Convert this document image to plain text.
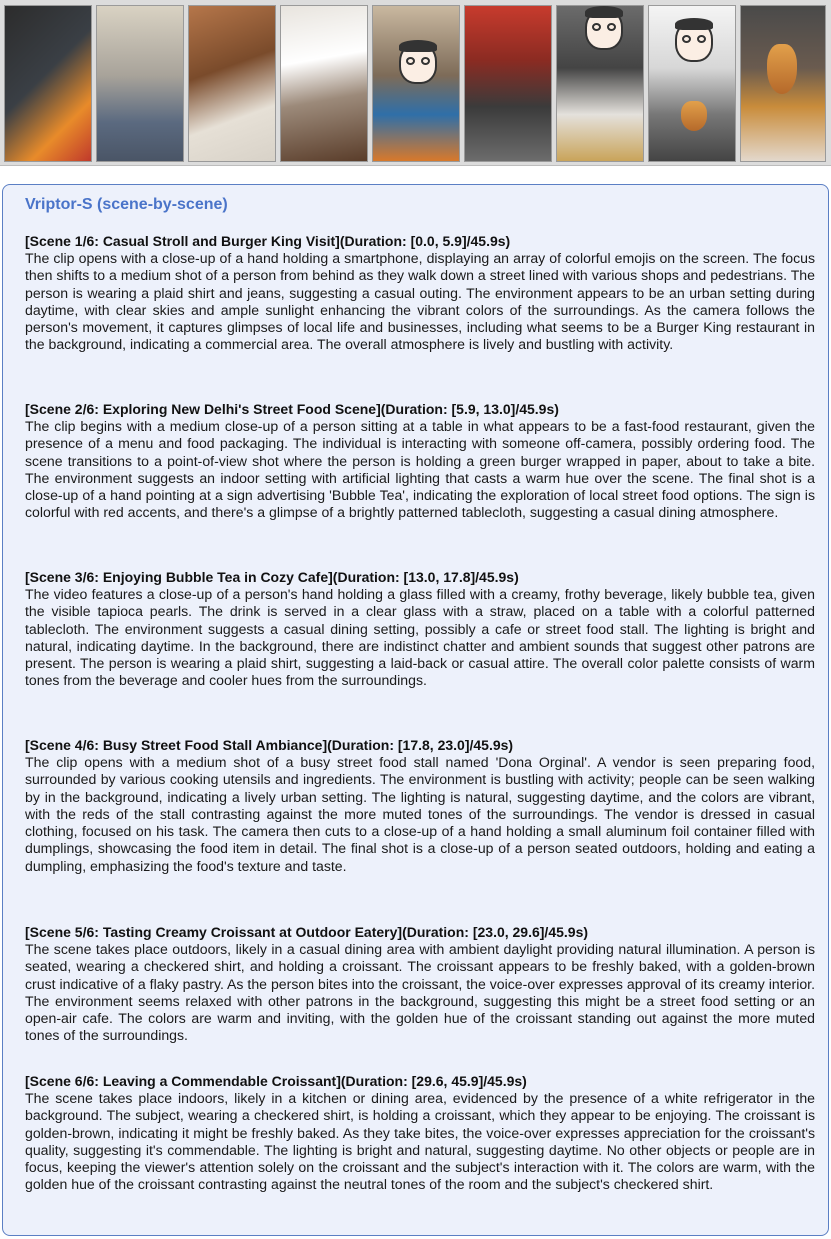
Vriptor-S (scene-by-scene)
[Scene 1/6: Casual Stroll and Burger King Visit](Duration: [0.0, 5.9]/45.9s)

The clip opens with a close-up of a hand holding a smartphone, displaying an array of colorful emojis on the screen. The focus then shifts to a medium shot of a person from behind as they walk down a street lined with various shops and pedestrians. The person is wearing a plaid shirt and jeans, suggesting a casual outing. The environment appears to be an urban setting during daytime, with clear skies and ample sunlight enhancing the vibrant colors of the surroundings. As the camera follows the person's movement, it captures glimpses of local life and businesses, including what seems to be a Burger King restaurant in the background, indicating a commercial area. The overall atmosphere is lively and bustling with activity.

[Scene 2/6: Exploring New Delhi's Street Food Scene](Duration: [5.9, 13.0]/45.9s)

The clip begins with a medium close-up of a person sitting at a table in what appears to be a fast-food restaurant, given the presence of a menu and food packaging. The individual is interacting with someone off-camera, possibly ordering food. The scene transitions to a point-of-view shot where the person is holding a green burger wrapped in paper, about to take a bite. The environment suggests an indoor setting with artificial lighting that casts a warm hue over the scene. The final shot is a close-up of a hand pointing at a sign advertising 'Bubble Tea', indicating the exploration of local street food options. The sign is colorful with red accents, and there's a glimpse of a brightly patterned tablecloth, suggesting a casual dining atmosphere.

[Scene 3/6: Enjoying Bubble Tea in Cozy Cafe](Duration: [13.0, 17.8]/45.9s)

The video features a close-up of a person's hand holding a glass filled with a creamy, frothy beverage, likely bubble tea, given the visible tapioca pearls. The drink is served in a clear glass with a straw, placed on a table with a colorful patterned tablecloth. The environment suggests a casual dining setting, possibly a cafe or street food stall. The lighting is bright and natural, indicating daytime. In the background, there are indistinct chatter and ambient sounds that suggest other patrons are present. The person is wearing a plaid shirt, suggesting a laid-back or casual attire. The overall color palette consists of warm tones from the beverage and cooler hues from the surroundings.

[Scene 4/6: Busy Street Food Stall Ambiance](Duration: [17.8, 23.0]/45.9s)

The clip opens with a medium shot of a busy street food stall named 'Dona Orginal'. A vendor is seen preparing food, surrounded by various cooking utensils and ingredients. The environment is bustling with activity; people can be seen walking by in the background, indicating a lively urban setting. The lighting is natural, suggesting daytime, and the colors are vibrant, with the reds of the stall contrasting against the more muted tones of the surroundings. The vendor is dressed in casual clothing, focused on his task. The camera then cuts to a close-up of a hand holding a small aluminum foil container filled with dumplings, showcasing the food item in detail. The final shot is a close-up of a person seated outdoors, holding and eating a dumpling, emphasizing the food's texture and taste.

[Scene 5/6: Tasting Creamy Croissant at Outdoor Eatery](Duration: [23.0, 29.6]/45.9s)

The scene takes place outdoors, likely in a casual dining area with ambient daylight providing natural illumination. A person is seated, wearing a checkered shirt, and holding a croissant. The croissant appears to be freshly baked, with a golden-brown crust indicative of a flaky pastry. As the person bites into the croissant, the voice-over expresses approval of its creamy interior. The environment seems relaxed with other patrons in the background, suggesting this might be a street food setting or an open-air cafe. The colors are warm and inviting, with the golden hue of the croissant standing out against the more muted tones of the surroundings.

[Scene 6/6: Leaving a Commendable Croissant](Duration: [29.6, 45.9]/45.9s)

The scene takes place indoors, likely in a kitchen or dining area, evidenced by the presence of a white refrigerator in the background. The subject, wearing a checkered shirt, is holding a croissant, which they appear to be enjoying. The croissant is golden-brown, indicating it might be freshly baked. As they take bites, the voice-over expresses appreciation for the croissant's quality, suggesting it's commendable. The lighting is bright and natural, suggesting daytime. No other objects or people are in focus, keeping the viewer's attention solely on the croissant and the subject's interaction with it. The colors are warm, with the golden hue of the croissant contrasting against the neutral tones of the room and the subject's checkered shirt.
